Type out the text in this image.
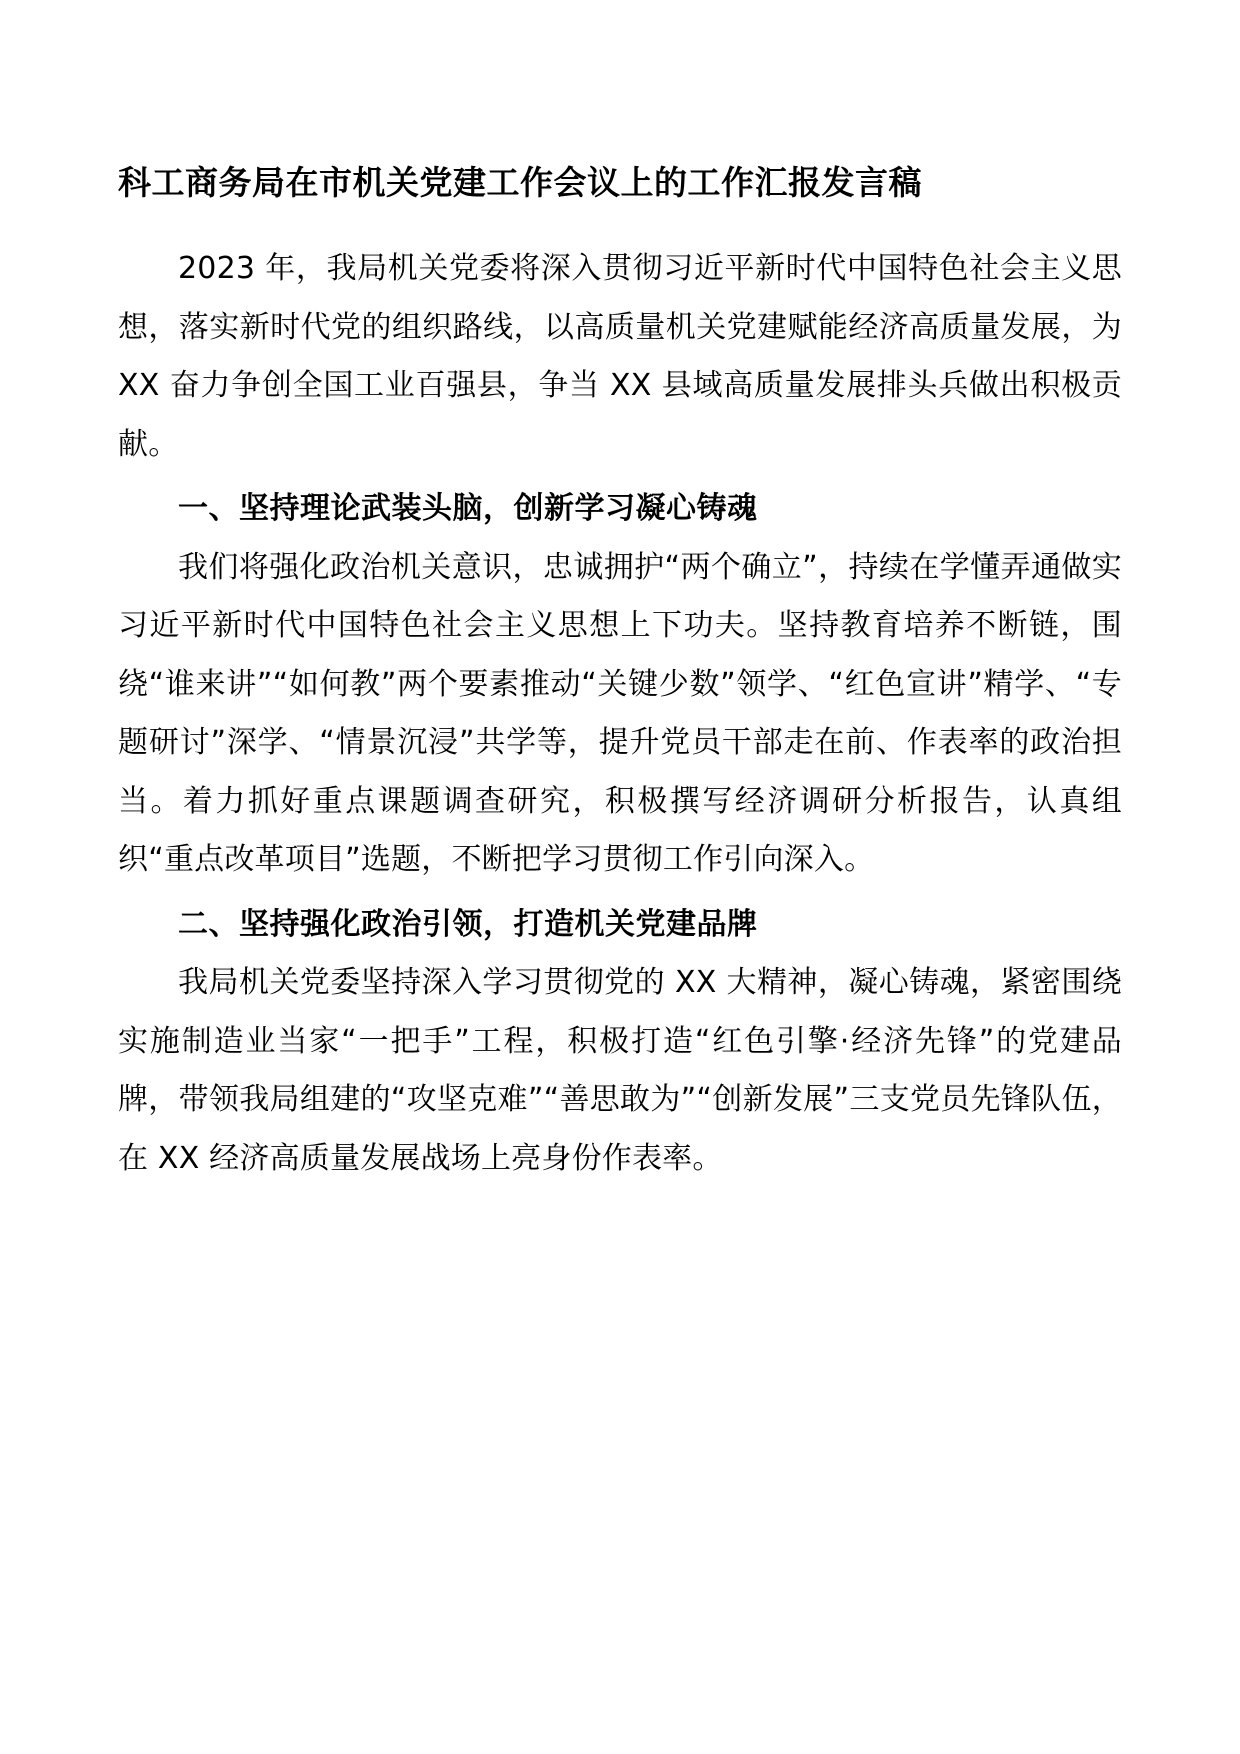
科工商务局在市机关党建工作会议上的工作汇报发言稿

2023 年，我局机关党委将深入贯彻习近平新时代中国特色社会主义思想，落实新时代党的组织路线，以高质量机关党建赋能经济高质量发展，为 XX 奋力争创全国工业百强县，争当 XX 县域高质量发展排头兵做出积极贡献。

一、坚持理论武装头脑，创新学习凝心铸魂

我们将强化政治机关意识，忠诚拥护“两个确立”，持续在学懂弄通做实习近平新时代中国特色社会主义思想上下功夫。坚持教育培养不断链，围绕“谁来讲”“如何教”两个要素推动“关键少数”领学、“红色宣讲”精学、“专题研讨”深学、“情景沉浸”共学等，提升党员干部走在前、作表率的政治担当。着力抓好重点课题调查研究，积极撰写经济调研分析报告，认真组织“重点改革项目”选题，不断把学习贯彻工作引向深入。

二、坚持强化政治引领，打造机关党建品牌

我局机关党委坚持深入学习贯彻党的 XX 大精神，凝心铸魂，紧密围绕实施制造业当家“一把手”工程，积极打造“红色引擎·经济先锋”的党建品牌，带领我局组建的“攻坚克难”“善思敢为”“创新发展”三支党员先锋队伍，在 XX 经济高质量发展战场上亮身份作表率。
